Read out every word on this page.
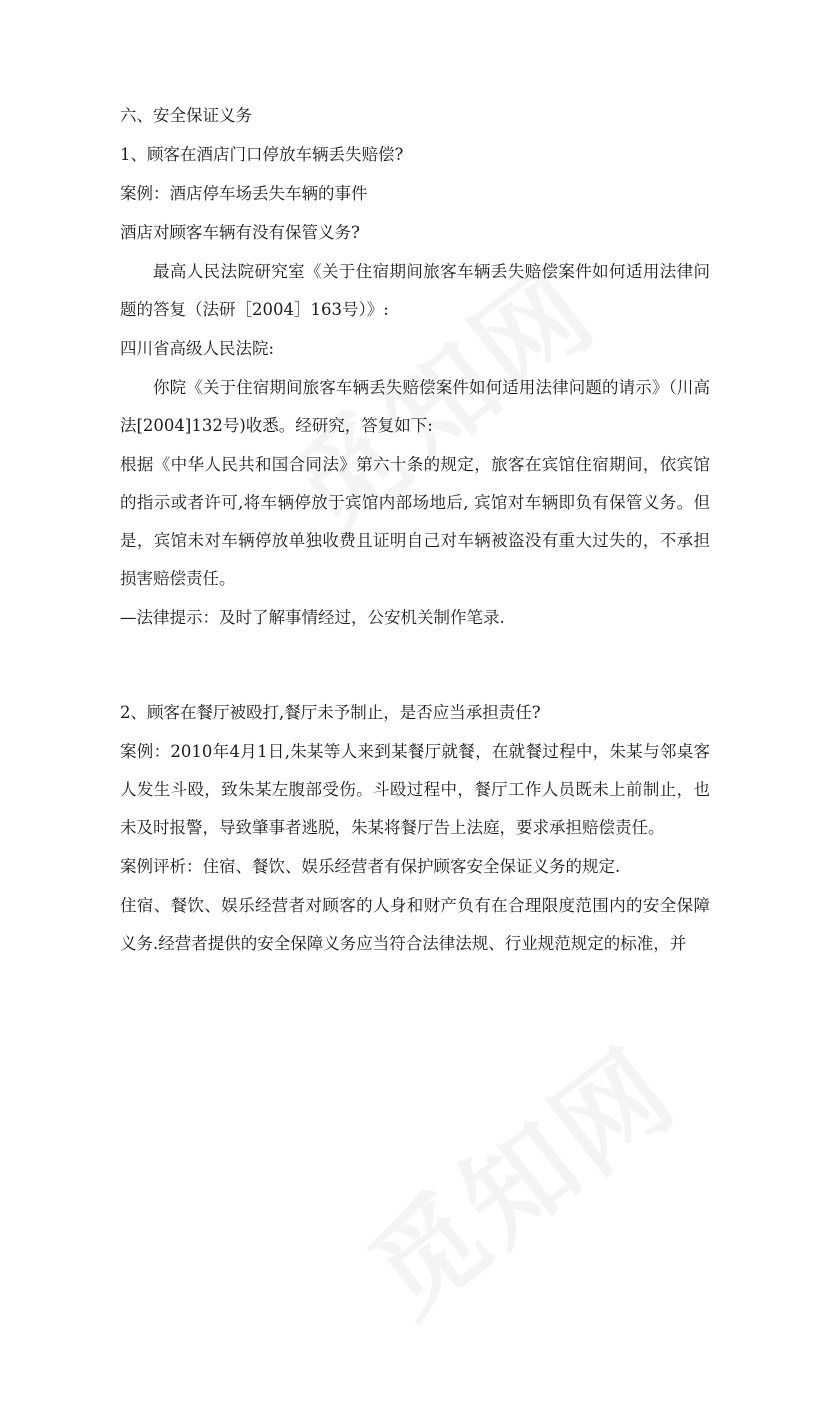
六、安全保证义务

1、顾客在酒店门口停放车辆丢失赔偿?

案例：酒店停车场丢失车辆的事件

酒店对顾客车辆有没有保管义务?

最高人民法院研究室《关于住宿期间旅客车辆丢失赔偿案件如何适用法律问题的答复（法研［2004］163号）》:

四川省高级人民法院:

你院《关于住宿期间旅客车辆丢失赔偿案件如何适用法律问题的请示》（川高法[2004]132号)收悉。经研究，答复如下:

根据《中华人民共和国合同法》第六十条的规定，旅客在宾馆住宿期间，依宾馆的指示或者许可,将车辆停放于宾馆内部场地后, 宾馆对车辆即负有保管义务。但是，宾馆未对车辆停放单独收费且证明自己对车辆被盗没有重大过失的，不承担损害赔偿责任。

—法律提示：及时了解事情经过，公安机关制作笔录.

2、顾客在餐厅被殴打,餐厅未予制止，是否应当承担责任?

案例：2010年4月1日,朱某等人来到某餐厅就餐，在就餐过程中，朱某与邻桌客人发生斗殴，致朱某左腹部受伤。斗殴过程中，餐厅工作人员既未上前制止，也未及时报警，导致肇事者逃脱，朱某将餐厅告上法庭，要求承担赔偿责任。

案例评析：住宿、餐饮、娱乐经营者有保护顾客安全保证义务的规定.

住宿、餐饮、娱乐经营者对顾客的人身和财产负有在合理限度范围内的安全保障义务.经营者提供的安全保障义务应当符合法律法规、行业规范规定的标准，并
